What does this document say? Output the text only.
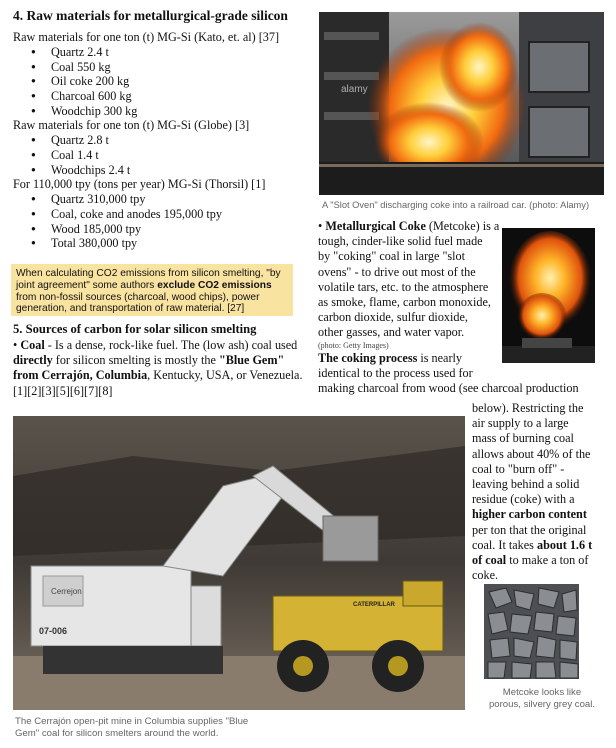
4. Raw materials for metallurgical-grade silicon
Raw materials for one ton (t) MG-Si (Kato, et. al) [37]
● Quartz 2.4 t
● Coal 550 kg
● Oil coke 200 kg
● Charcoal 600 kg
● Woodchip 300 kg
Raw materials for one ton (t) MG-Si (Globe) [3]
● Quartz 2.8 t
● Coal 1.4 t
● Woodchips 2.4 t
For 110,000 tpy (tons per year) MG-Si (Thorsil) [1]
● Quartz 310,000 tpy
● Coal, coke and anodes 195,000 tpy
● Wood 185,000 tpy
● Total 380,000 tpy
When calculating CO2 emissions from silicon smelting, "by joint agreement" some authors exclude CO2 emissions from non-fossil sources (charcoal, wood chips), power generation, and transportation of raw material. [27]
5. Sources of carbon for solar silicon smelting
• Coal - Is a dense, rock-like fuel. The (low ash) coal used directly for silicon smelting is mostly the "Blue Gem" from Cerrajón, Columbia, Kentucky, USA, or Venezuela. [1][2][3][5][6][7][8]
alamy
A "Slot Oven" discharging coke into a railroad car. (photo: Alamy)
• Metallurgical Coke (Metcoke) is a
tough, cinder-like solid fuel made
by "coking" coal in large "slot
ovens" - to drive out most of the
volatile tars, etc. to the atmosphere
as smoke, flame, carbon monoxide,
carbon dioxide, sulfur dioxide,
other gasses, and water vapor.
(photo: Getty Images)
The coking process is nearly
identical to the process used for
making charcoal from wood (see charcoal production
below). Restricting the
air supply to a large
mass of burning coal
allows about 40% of the
coal to "burn off" -
leaving behind a solid
residue (coke) with a
higher carbon content
per ton that the original
coal. It takes about 1.6 t
of coal to make a ton of
coke.
Cerrejon
07-006
CATERPILLAR
The Cerrajón open-pit mine in Columbia supplies "Blue
Gem" coal for silicon smelters around the world.
Metcoke looks like
porous, silvery grey coal.
